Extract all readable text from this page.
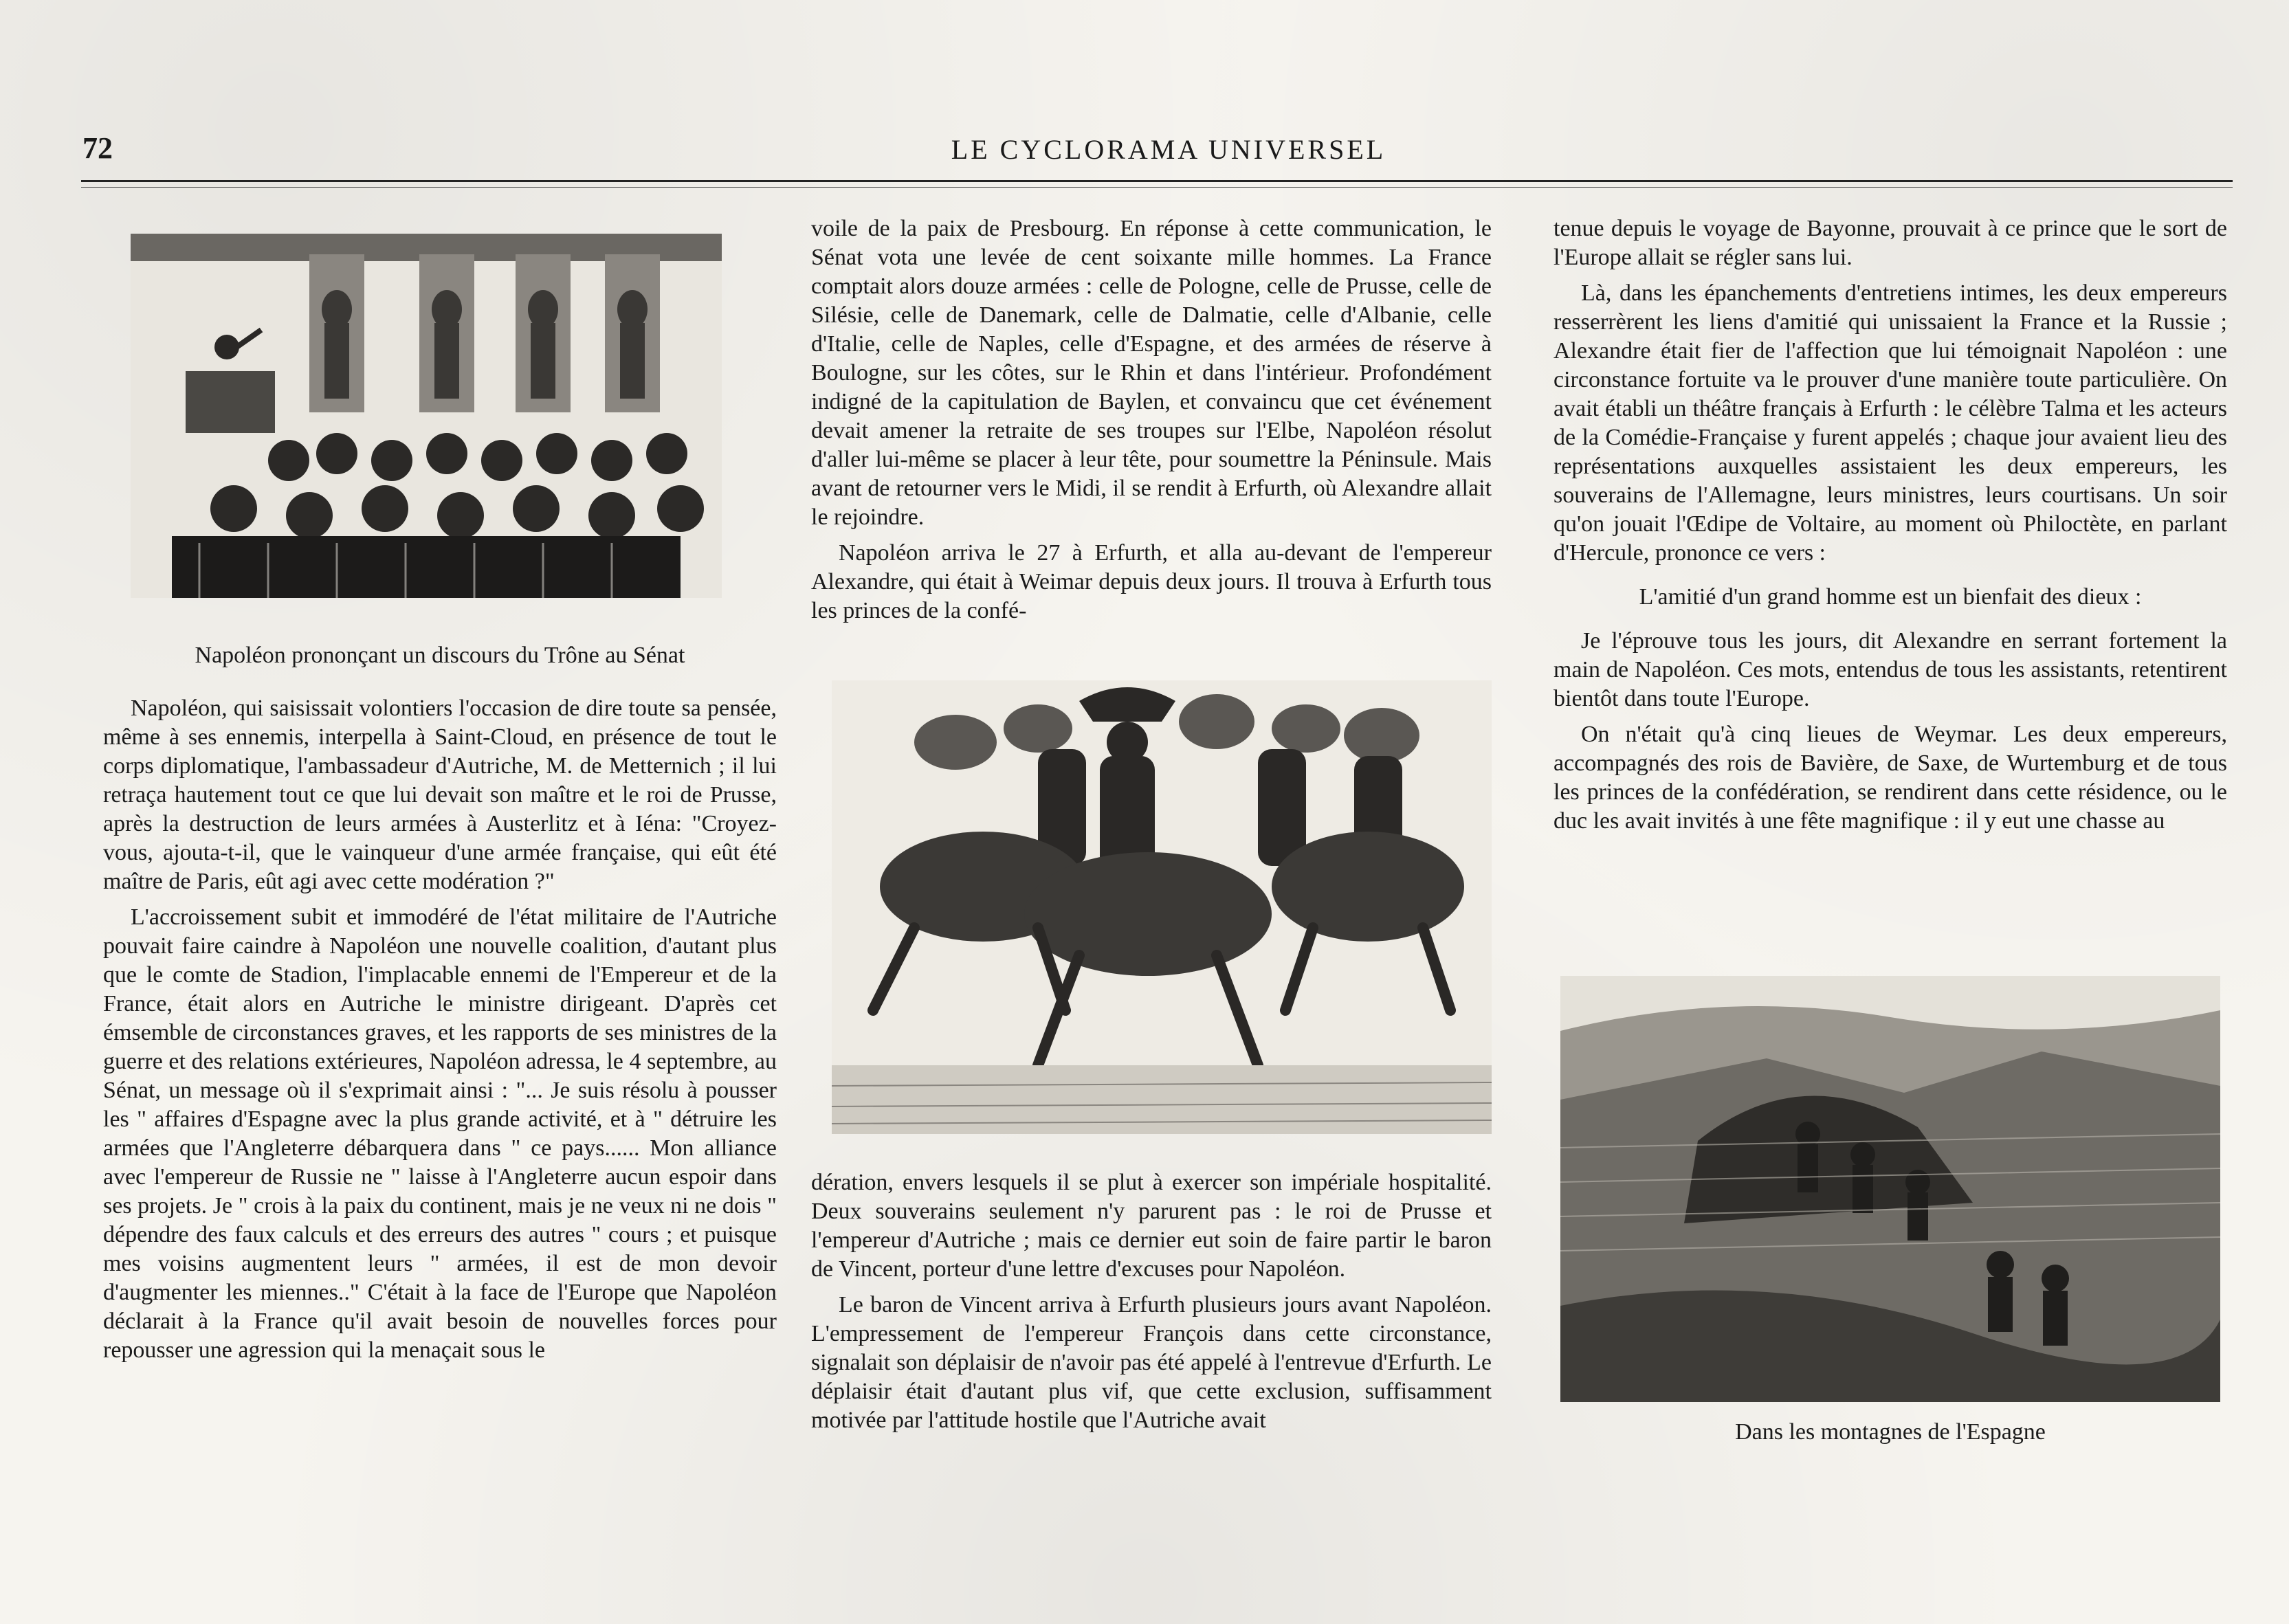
72	LE CYCLORAMA UNIVERSEL
Napoléon prononçant un discours du Trône au Sénat

Napoléon, qui saisissait volontiers l'occasion de dire toute sa pensée, même à ses ennemis, interpella à Saint-Cloud, en présence de tout le corps diplomatique, l'ambassadeur d'Autriche, M. de Metternich ; il lui retraça hautement tout ce que lui devait son maître et le roi de Prusse, après la destruction de leurs armées à Austerlitz et à Iéna: "Croyez-vous, ajouta-t-il, que le vainqueur d'une armée française, qui eût été maître de Paris, eût agi avec cette modération ?"

L'accroissement subit et immodéré de l'état militaire de l'Autriche pouvait faire caindre à Napoléon une nouvelle coalition, d'autant plus que le comte de Stadion, l'implacable ennemi de l'Empereur et de la France, était alors en Autriche le ministre dirigeant. D'après cet émsemble de circonstances graves, et les rapports de ses ministres de la guerre et des relations extérieures, Napoléon adressa, le 4 septembre, au Sénat, un message où il s'exprimait ainsi : "... Je suis résolu à pousser les " affaires d'Espagne avec la plus grande activité, et à " détruire les armées que l'Angleterre débarquera dans " ce pays...... Mon alliance avec l'empereur de Russie ne " laisse à l'Angleterre aucun espoir dans ses projets. Je " crois à la paix du continent, mais je ne veux ni ne dois " dépendre des faux calculs et des erreurs des autres " cours ; et puisque mes voisins augmentent leurs " armées, il est de mon devoir d'augmenter les miennes.." C'était à la face de l'Europe que Napoléon déclarait à la France qu'il avait besoin de nouvelles forces pour repousser une agression qui la menaçait sous le

voile de la paix de Presbourg. En réponse à cette communication, le Sénat vota une levée de cent soixante mille hommes. La France comptait alors douze armées : celle de Pologne, celle de Prusse, celle de Silésie, celle de Danemark, celle de Dalmatie, celle d'Albanie, celle d'Italie, celle de Naples, celle d'Espagne, et des armées de réserve à Boulogne, sur les côtes, sur le Rhin et dans l'intérieur. Profondément indigné de la capitulation de Baylen, et convaincu que cet événement devait amener la retraite de ses troupes sur l'Elbe, Napoléon résolut d'aller lui-même se placer à leur tête, pour soumettre la Péninsule. Mais avant de retourner vers le Midi, il se rendit à Erfurth, où Alexandre allait le rejoindre.

Napoléon arriva le 27 à Erfurth, et alla au-devant de l'empereur Alexandre, qui était à Weimar depuis deux jours. Il trouva à Erfurth tous les princes de la confé-

dération, envers lesquels il se plut à exercer son impériale hospitalité. Deux souverains seulement n'y parurent pas : le roi de Prusse et l'empereur d'Autriche ; mais ce dernier eut soin de faire partir le baron de Vincent, porteur d'une lettre d'excuses pour Napoléon.

Le baron de Vincent arriva à Erfurth plusieurs jours avant Napoléon. L'empressement de l'empereur François dans cette circonstance, signalait son déplaisir de n'avoir pas été appelé à l'entrevue d'Erfurth. Le déplaisir était d'autant plus vif, que cette exclusion, suffisamment motivée par l'attitude hostile que l'Autriche avait

tenue depuis le voyage de Bayonne, prouvait à ce prince que le sort de l'Europe allait se régler sans lui.

Là, dans les épanchements d'entretiens intimes, les deux empereurs resserrèrent les liens d'amitié qui unissaient la France et la Russie ; Alexandre était fier de l'affection que lui témoignait Napoléon : une circonstance fortuite va le prouver d'une manière toute particulière. On avait établi un théâtre français à Erfurth : le célèbre Talma et les acteurs de la Comédie-Française y furent appelés ; chaque jour avaient lieu des représentations auxquelles assistaient les deux empereurs, les souverains de l'Allemagne, leurs ministres, leurs courtisans. Un soir qu'on jouait l'Œdipe de Voltaire, au moment où Philoctète, en parlant d'Hercule, prononce ce vers :

L'amitié d'un grand homme est un bienfait des dieux :

Je l'éprouve tous les jours, dit Alexandre en serrant fortement la main de Napoléon. Ces mots, entendus de tous les assistants, retentirent bientôt dans toute l'Europe.

On n'était qu'à cinq lieues de Weymar. Les deux empereurs, accompagnés des rois de Bavière, de Saxe, de Wurtemburg et de tous les princes de la confédération, se rendirent dans cette résidence, ou le duc les avait invités à une fête magnifique : il y eut une chasse au

Dans les montagnes de l'Espagne
